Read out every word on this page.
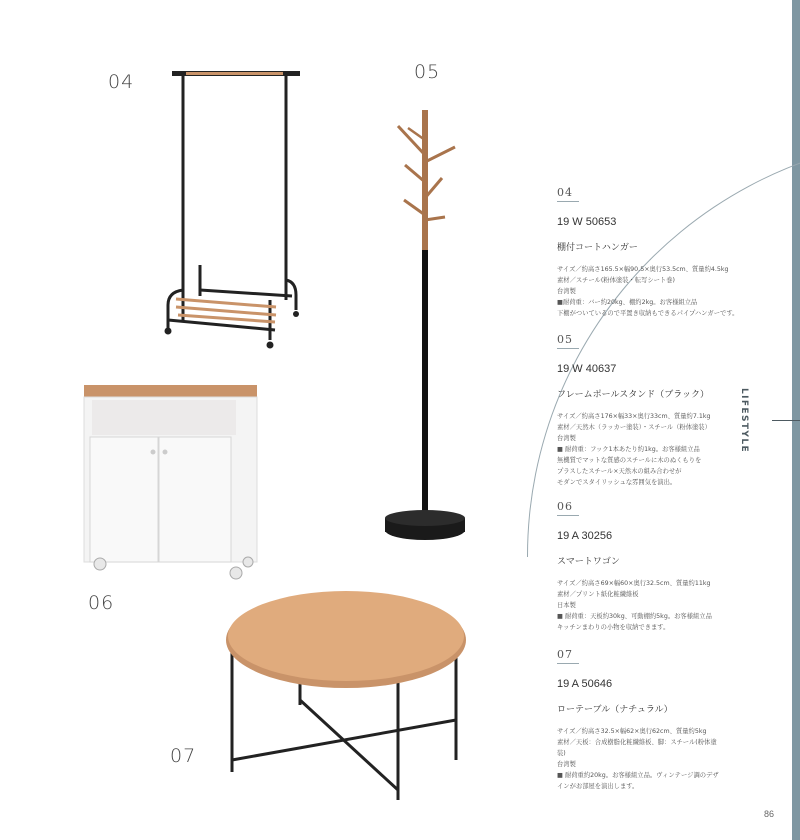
LIFESTYLE
04	05
06
07
04
19 W 50653
棚付コートハンガー
サイズ／約高さ165.5×幅90.5×奥行53.5cm、質量約4.5kg
素材／スチール(粉体塗装・転写シート巻)
台湾製
■耐荷重：バー約20kg、棚約2kg。お客様組立品
下棚がついているので平置き収納もできるパイプハンガーです。
05
19 W 40637
フレームポールスタンド（ブラック）
サイズ／約高さ176×幅33×奥行33cm、質量約7.1kg
素材／天然木（ラッカー塗装）・スチール（粉体塗装）
台湾製
■ 耐荷重：フック1本あたり約1kg。お客様組立品
無機質でマットな質感のスチールに木のぬくもりを
プラスしたスチール×天然木の組み合わせが
モダンでスタイリッシュな雰囲気を演出。
06
19 A 30256
スマートワゴン
サイズ／約高さ69×幅60×奥行32.5cm、質量約11kg
素材／プリント紙化粧繊維板
日本製
■ 耐荷重：天板約30kg、可動棚約5kg。お客様組立品
キッチンまわりの小物を収納できます。
07
19 A 50646
ローテーブル（ナチュラル）
サイズ／約高さ32.5×幅62×奥行62cm、質量約5kg
素材／天板：合成樹脂化粧繊維板、脚：スチール(粉体塗
装)
台湾製
■ 耐荷重約20kg。お客様組立品。ヴィンテージ調のデザ
インがお部屋を演出します。
86
